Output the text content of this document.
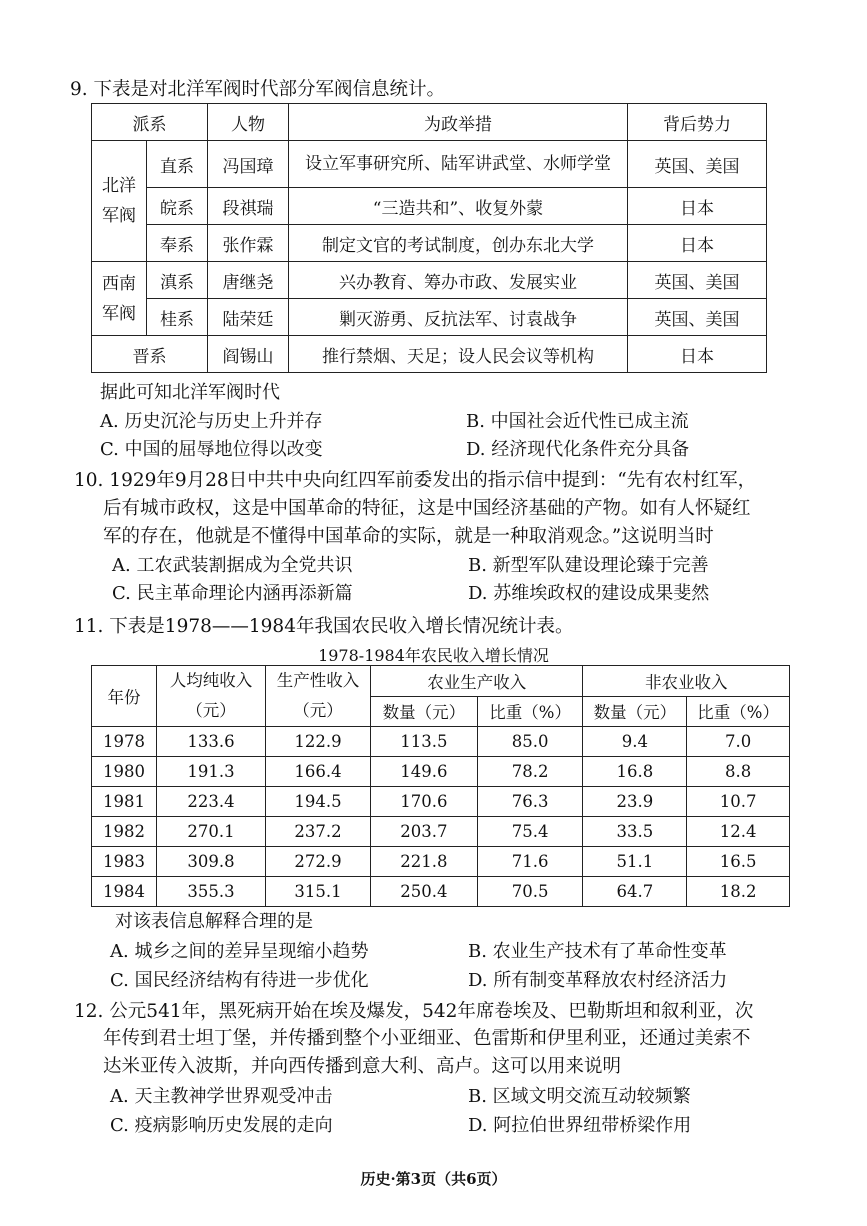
9. 下表是对北洋军阀时代部分军阀信息统计。
派系		人物	为政举措	背后势力
北洋军阀	直系	冯国璋	设立军事研究所、陆军讲武堂、水师学堂	英国、美国
	皖系	段祺瑞	“三造共和”、收复外蒙	日本
	奉系	张作霖	制定文官的考试制度，创办东北大学	日本
西南军阀	滇系	唐继尧	兴办教育、筹办市政、发展实业	英国、美国
	桂系	陆荣廷	剿灭游勇、反抗法军、讨袁战争	英国、美国
晋系		阎锡山	推行禁烟、天足；设人民会议等机构	日本
据此可知北洋军阀时代
A. 历史沉沦与历史上升并存	B. 中国社会近代性已成主流
C. 中国的屈辱地位得以改变	D. 经济现代化条件充分具备
10. 1929年9月28日中共中央向红四军前委发出的指示信中提到：“先有农村红军，
后有城市政权，这是中国革命的特征，这是中国经济基础的产物。如有人怀疑红
军的存在，他就是不懂得中国革命的实际，就是一种取消观念。”这说明当时
A. 工农武装割据成为全党共识	B. 新型军队建设理论臻于完善
C. 民主革命理论内涵再添新篇	D. 苏维埃政权的建设成果斐然
11. 下表是1978——1984年我国农民收入增长情况统计表。
1978-1984年农民收入增长情况
年份	人均纯收入（元）	生产性收入（元）	农业生产收入		非农业收入	
			数量（元）	比重（%）	数量（元）	比重（%）
1978	133.6	122.9	113.5	85.0	9.4	7.0
1980	191.3	166.4	149.6	78.2	16.8	8.8
1981	223.4	194.5	170.6	76.3	23.9	10.7
1982	270.1	237.2	203.7	75.4	33.5	12.4
1983	309.8	272.9	221.8	71.6	51.1	16.5
1984	355.3	315.1	250.4	70.5	64.7	18.2
对该表信息解释合理的是
A. 城乡之间的差异呈现缩小趋势	B. 农业生产技术有了革命性变革
C. 国民经济结构有待进一步优化	D. 所有制变革释放农村经济活力
12. 公元541年，黑死病开始在埃及爆发，542年席卷埃及、巴勒斯坦和叙利亚，次
年传到君士坦丁堡，并传播到整个小亚细亚、色雷斯和伊里利亚，还通过美索不
达米亚传入波斯，并向西传播到意大利、高卢。这可以用来说明
A. 天主教神学世界观受冲击	B. 区域文明交流互动较频繁
C. 疫病影响历史发展的走向	D. 阿拉伯世界纽带桥梁作用
历史·第3页（共6页）
